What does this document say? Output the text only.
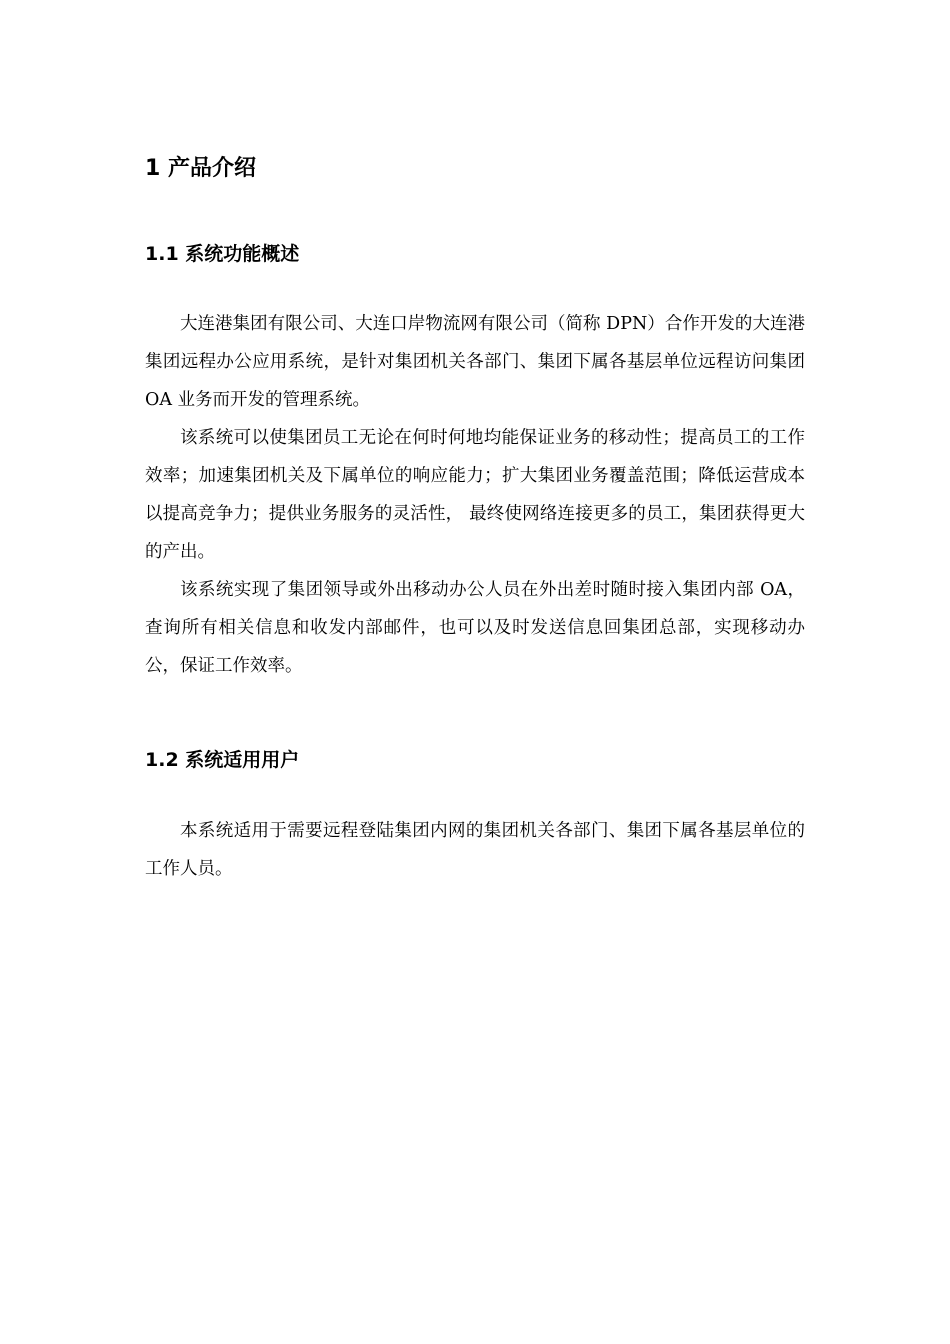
1 产品介绍
1.1 系统功能概述

大连港集团有限公司、大连口岸物流网有限公司（简称 DPN）合作开发的大连港集团远程办公应用系统，是针对集团机关各部门、集团下属各基层单位远程访问集团 OA 业务而开发的管理系统。

该系统可以使集团员工无论在何时何地均能保证业务的移动性；提高员工的工作效率；加速集团机关及下属单位的响应能力；扩大集团业务覆盖范围；降低运营成本以提高竞争力；提供业务服务的灵活性， 最终使网络连接更多的员工，集团获得更大的产出。

该系统实现了集团领导或外出移动办公人员在外出差时随时接入集团内部 OA，查询所有相关信息和收发内部邮件，也可以及时发送信息回集团总部，实现移动办公，保证工作效率。

1.2 系统适用用户

本系统适用于需要远程登陆集团内网的集团机关各部门、集团下属各基层单位的工作人员。
